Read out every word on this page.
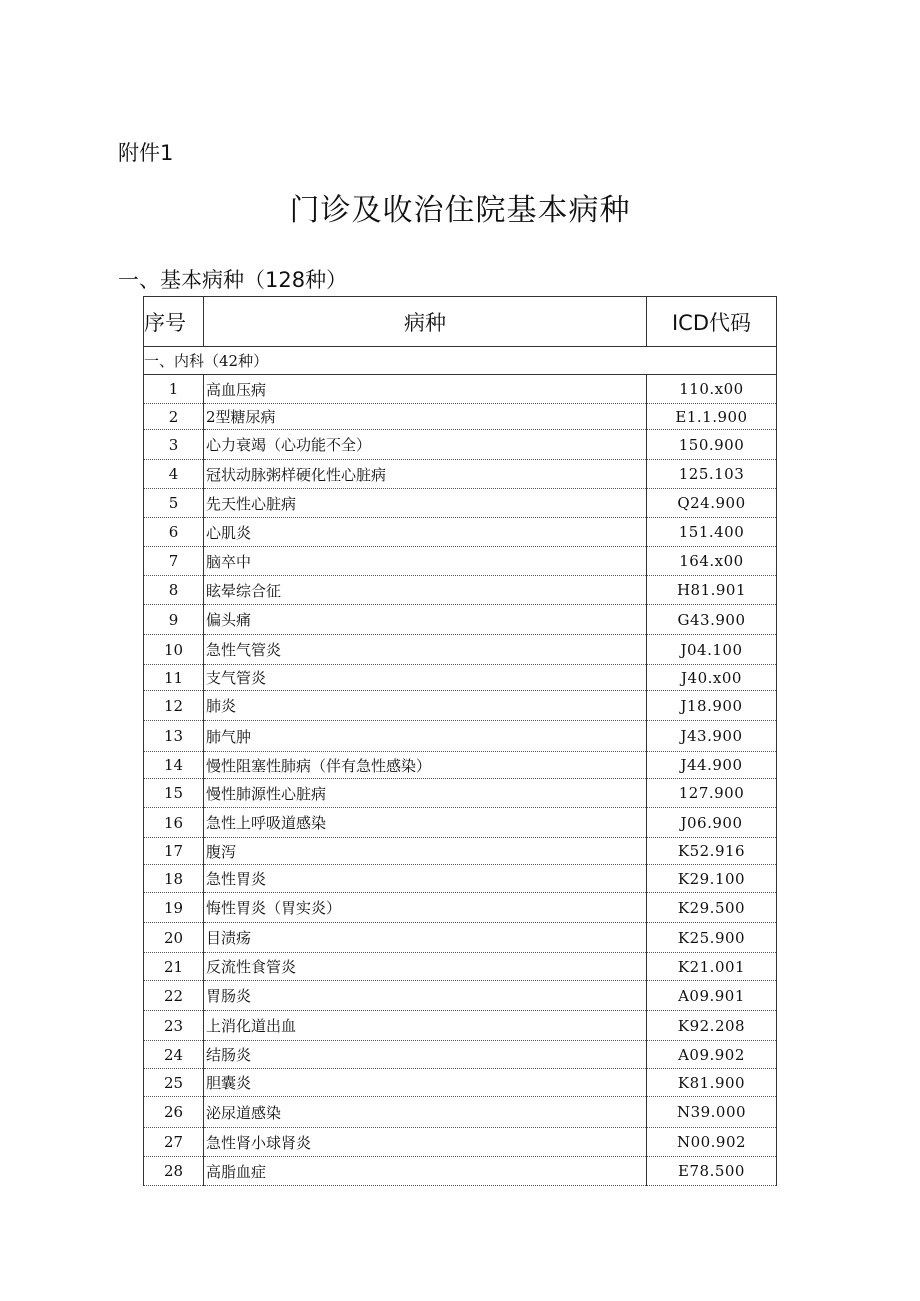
附件1
门诊及收治住院基本病种
一、基本病种（128种）
序号	病种	ICD代码
一、内科（42种）		
1	高血压病	110.x00
2	2型糖尿病	E1.1.900
3	心力衰竭（心功能不全）	150.900
4	冠状动脉粥样硬化性心脏病	125.103
5	先天性心脏病	Q24.900
6	心肌炎	151.400
7	脑卒中	164.x00
8	眩晕综合征	H81.901
9	偏头痛	G43.900
10	急性气管炎	J04.100
11	支气管炎	J40.x00
12	肺炎	J18.900
13	肺气肿	J43.900
14	慢性阻塞性肺病（伴有急性感染）	J44.900
15	慢性肺源性心脏病	127.900
16	急性上呼吸道感染	J06.900
17	腹泻	K52.916
18	急性胃炎	K29.100
19	悔性胃炎（胃实炎）	K29.500
20	目渍疡	K25.900
21	反流性食管炎	K21.001
22	胃肠炎	A09.901
23	上消化道出血	K92.208
24	结肠炎	A09.902
25	胆囊炎	K81.900
26	泌尿道感染	N39.000
27	急性肾小球肾炎	N00.902
28	高脂血症	E78.500
